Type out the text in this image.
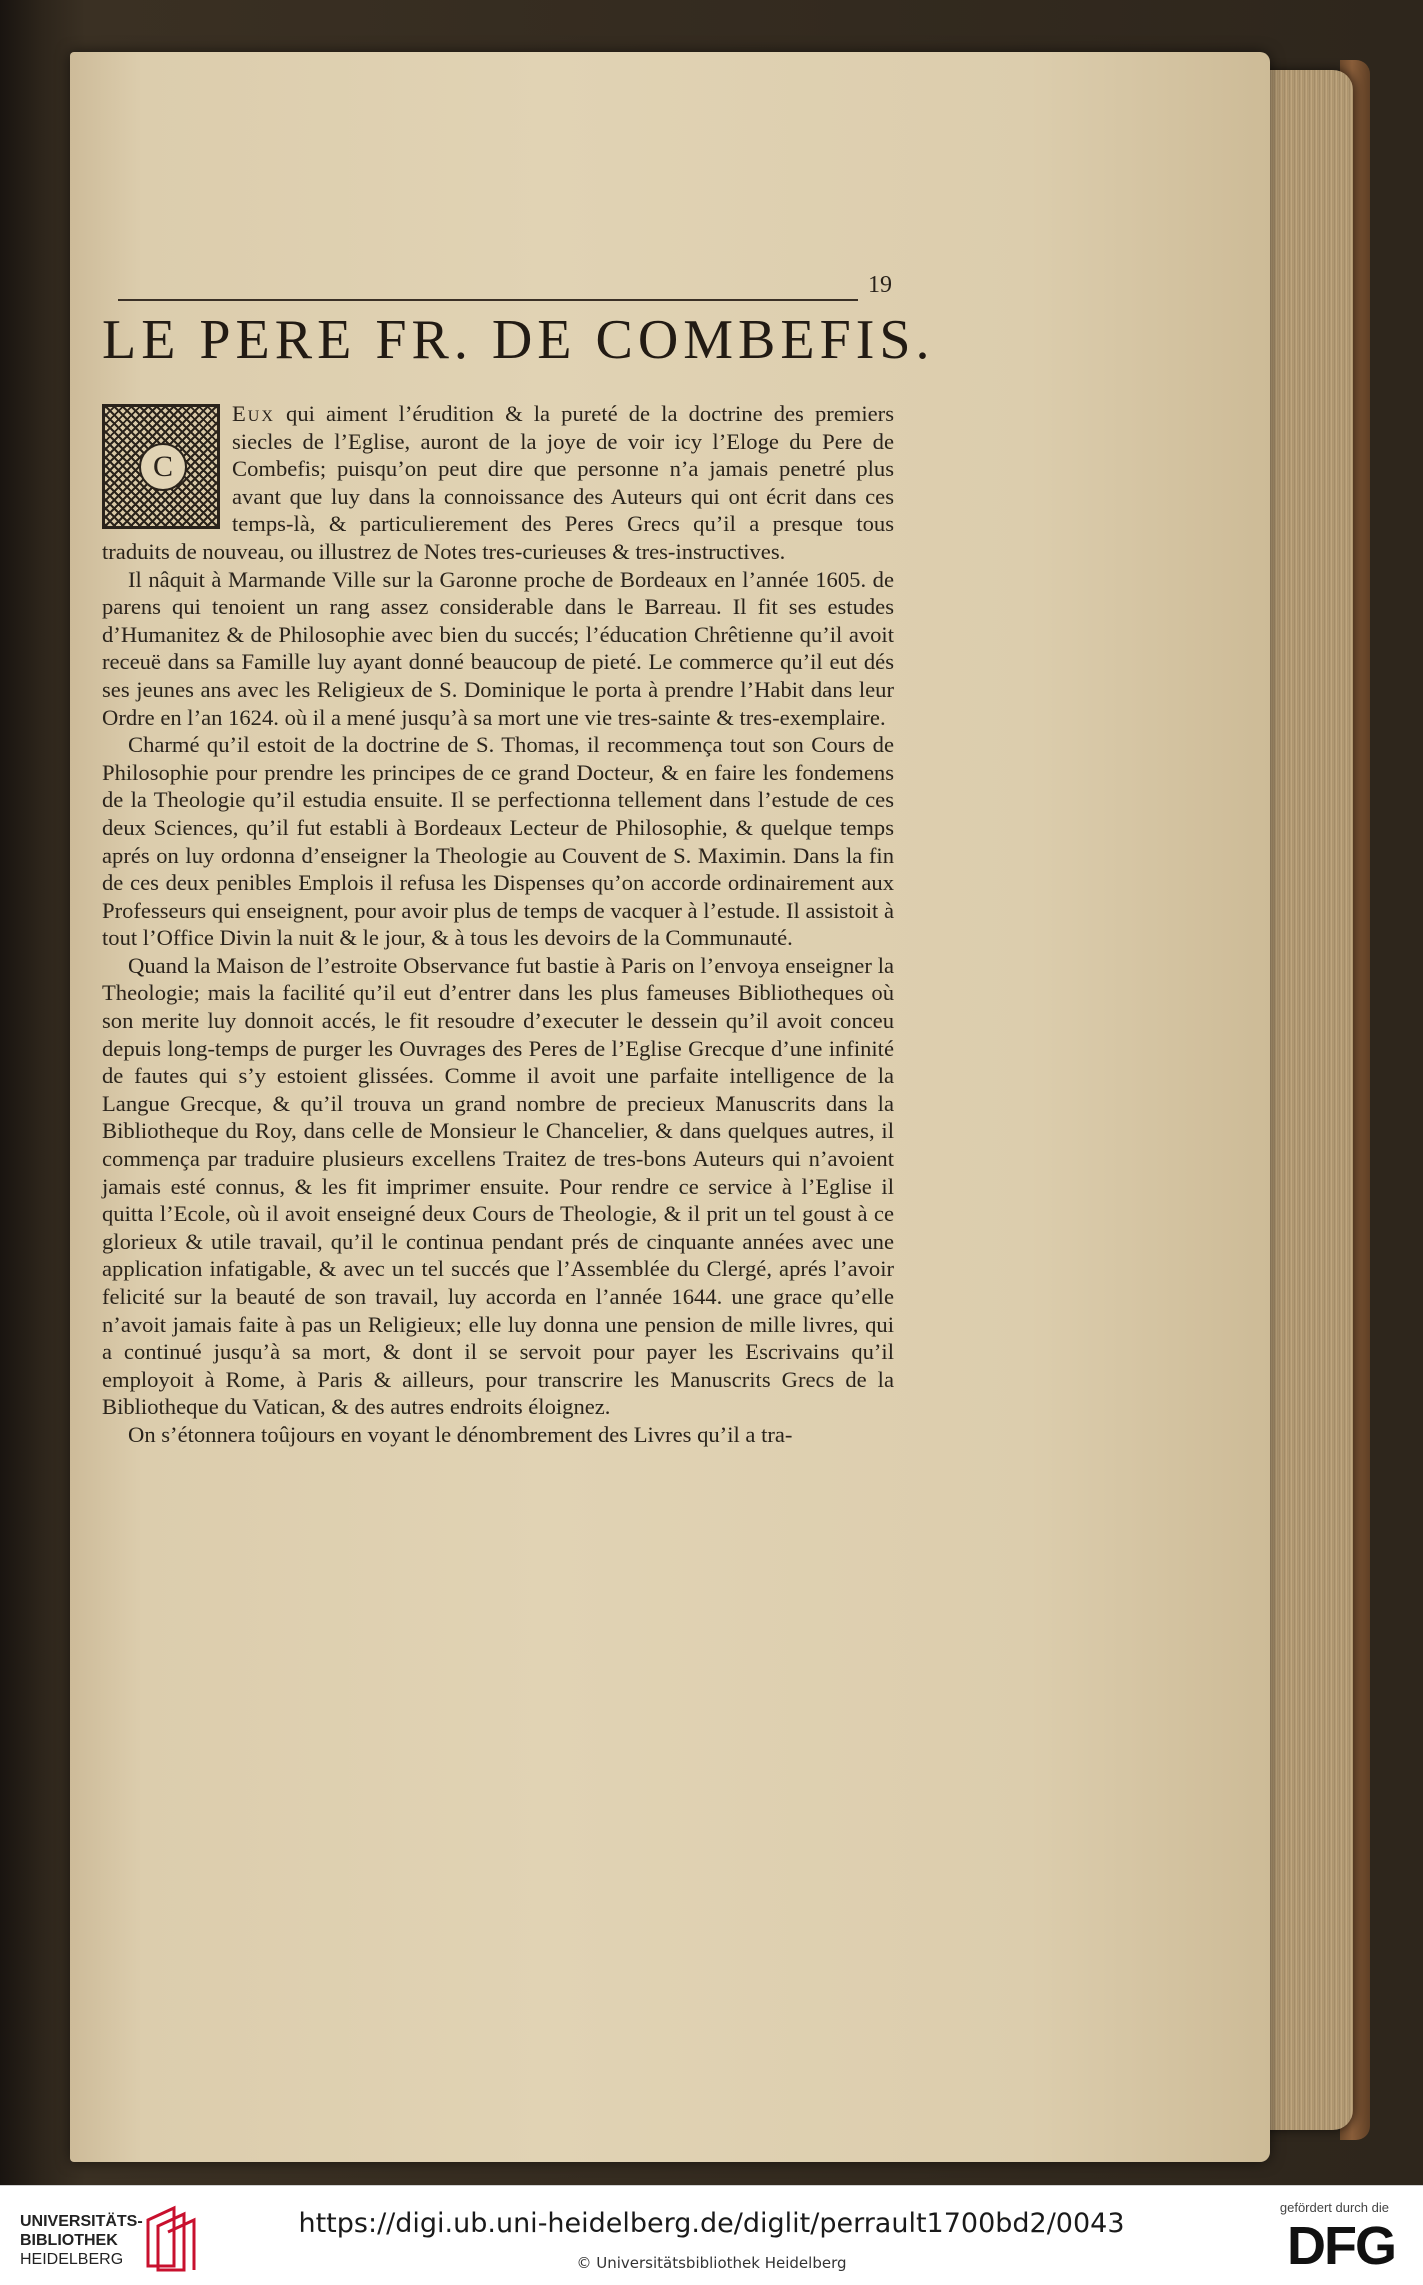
19
LE PERE FR. DE COMBEFIS.

C
Eux qui aiment l’érudition & la pureté de la doctrine des premiers siecles de l’Eglise, auront de la joye de voir icy l’Eloge du Pere de Combefis; puisqu’on peut dire que personne n’a jamais penetré plus avant que luy dans la connoissance des Auteurs qui ont écrit dans ces temps-là, & particulierement des Peres Grecs qu’il a presque tous traduits de nouveau, ou illustrez de Notes tres-curieuses & tres-instructives.

Il nâquit à Marmande Ville sur la Garonne proche de Bordeaux en l’année 1605. de parens qui tenoient un rang assez considerable dans le Barreau. Il fit ses estudes d’Humanitez & de Philosophie avec bien du succés; l’éducation Chrêtienne qu’il avoit receuë dans sa Famille luy ayant donné beaucoup de pieté. Le commerce qu’il eut dés ses jeunes ans avec les Religieux de S. Dominique le porta à prendre l’Habit dans leur Ordre en l’an 1624. où il a mené jusqu’à sa mort une vie tres-sainte & tres-exemplaire.

Charmé qu’il estoit de la doctrine de S. Thomas, il recommença tout son Cours de Philosophie pour prendre les principes de ce grand Docteur, & en faire les fondemens de la Theologie qu’il estudia ensuite. Il se perfectionna tellement dans l’estude de ces deux Sciences, qu’il fut establi à Bordeaux Lecteur de Philosophie, & quelque temps aprés on luy ordonna d’enseigner la Theologie au Couvent de S. Maximin. Dans la fin de ces deux penibles Emplois il refusa les Dispenses qu’on accorde ordinairement aux Professeurs qui enseignent, pour avoir plus de temps de vacquer à l’estude. Il assistoit à tout l’Office Divin la nuit & le jour, & à tous les devoirs de la Communauté.

Quand la Maison de l’estroite Observance fut bastie à Paris on l’envoya enseigner la Theologie; mais la facilité qu’il eut d’entrer dans les plus fameuses Bibliotheques où son merite luy donnoit accés, le fit resoudre d’executer le dessein qu’il avoit conceu depuis long-temps de purger les Ouvrages des Peres de l’Eglise Grecque d’une infinité de fautes qui s’y estoient glissées. Comme il avoit une parfaite intelligence de la Langue Grecque, & qu’il trouva un grand nombre de precieux Manuscrits dans la Bibliotheque du Roy, dans celle de Monsieur le Chancelier, & dans quelques autres, il commença par traduire plusieurs excellens Traitez de tres-bons Auteurs qui n’avoient jamais esté connus, & les fit imprimer ensuite. Pour rendre ce service à l’Eglise il quitta l’Ecole, où il avoit enseigné deux Cours de Theologie, & il prit un tel goust à ce glorieux & utile travail, qu’il le continua pendant prés de cinquante années avec une application infatigable, & avec un tel succés que l’Assemblée du Clergé, aprés l’avoir felicité sur la beauté de son travail, luy accorda en l’année 1644. une grace qu’elle n’avoit jamais faite à pas un Religieux; elle luy donna une pension de mille livres, qui a continué jusqu’à sa mort, & dont il se servoit pour payer les Escrivains qu’il employoit à Rome, à Paris & ailleurs, pour transcrire les Manuscrits Grecs de la Bibliotheque du Vatican, & des autres endroits éloignez.

On s’étonnera toûjours en voyant le dénombrement des Livres qu’il a tra-

UNIVERSITÄTS-
BIBLIOTHEK
HEIDELBERG
https://digi.ub.uni-heidelberg.de/diglit/perrault1700bd2/0043
© Universitätsbibliothek Heidelberg
gefördert durch die
DFG
